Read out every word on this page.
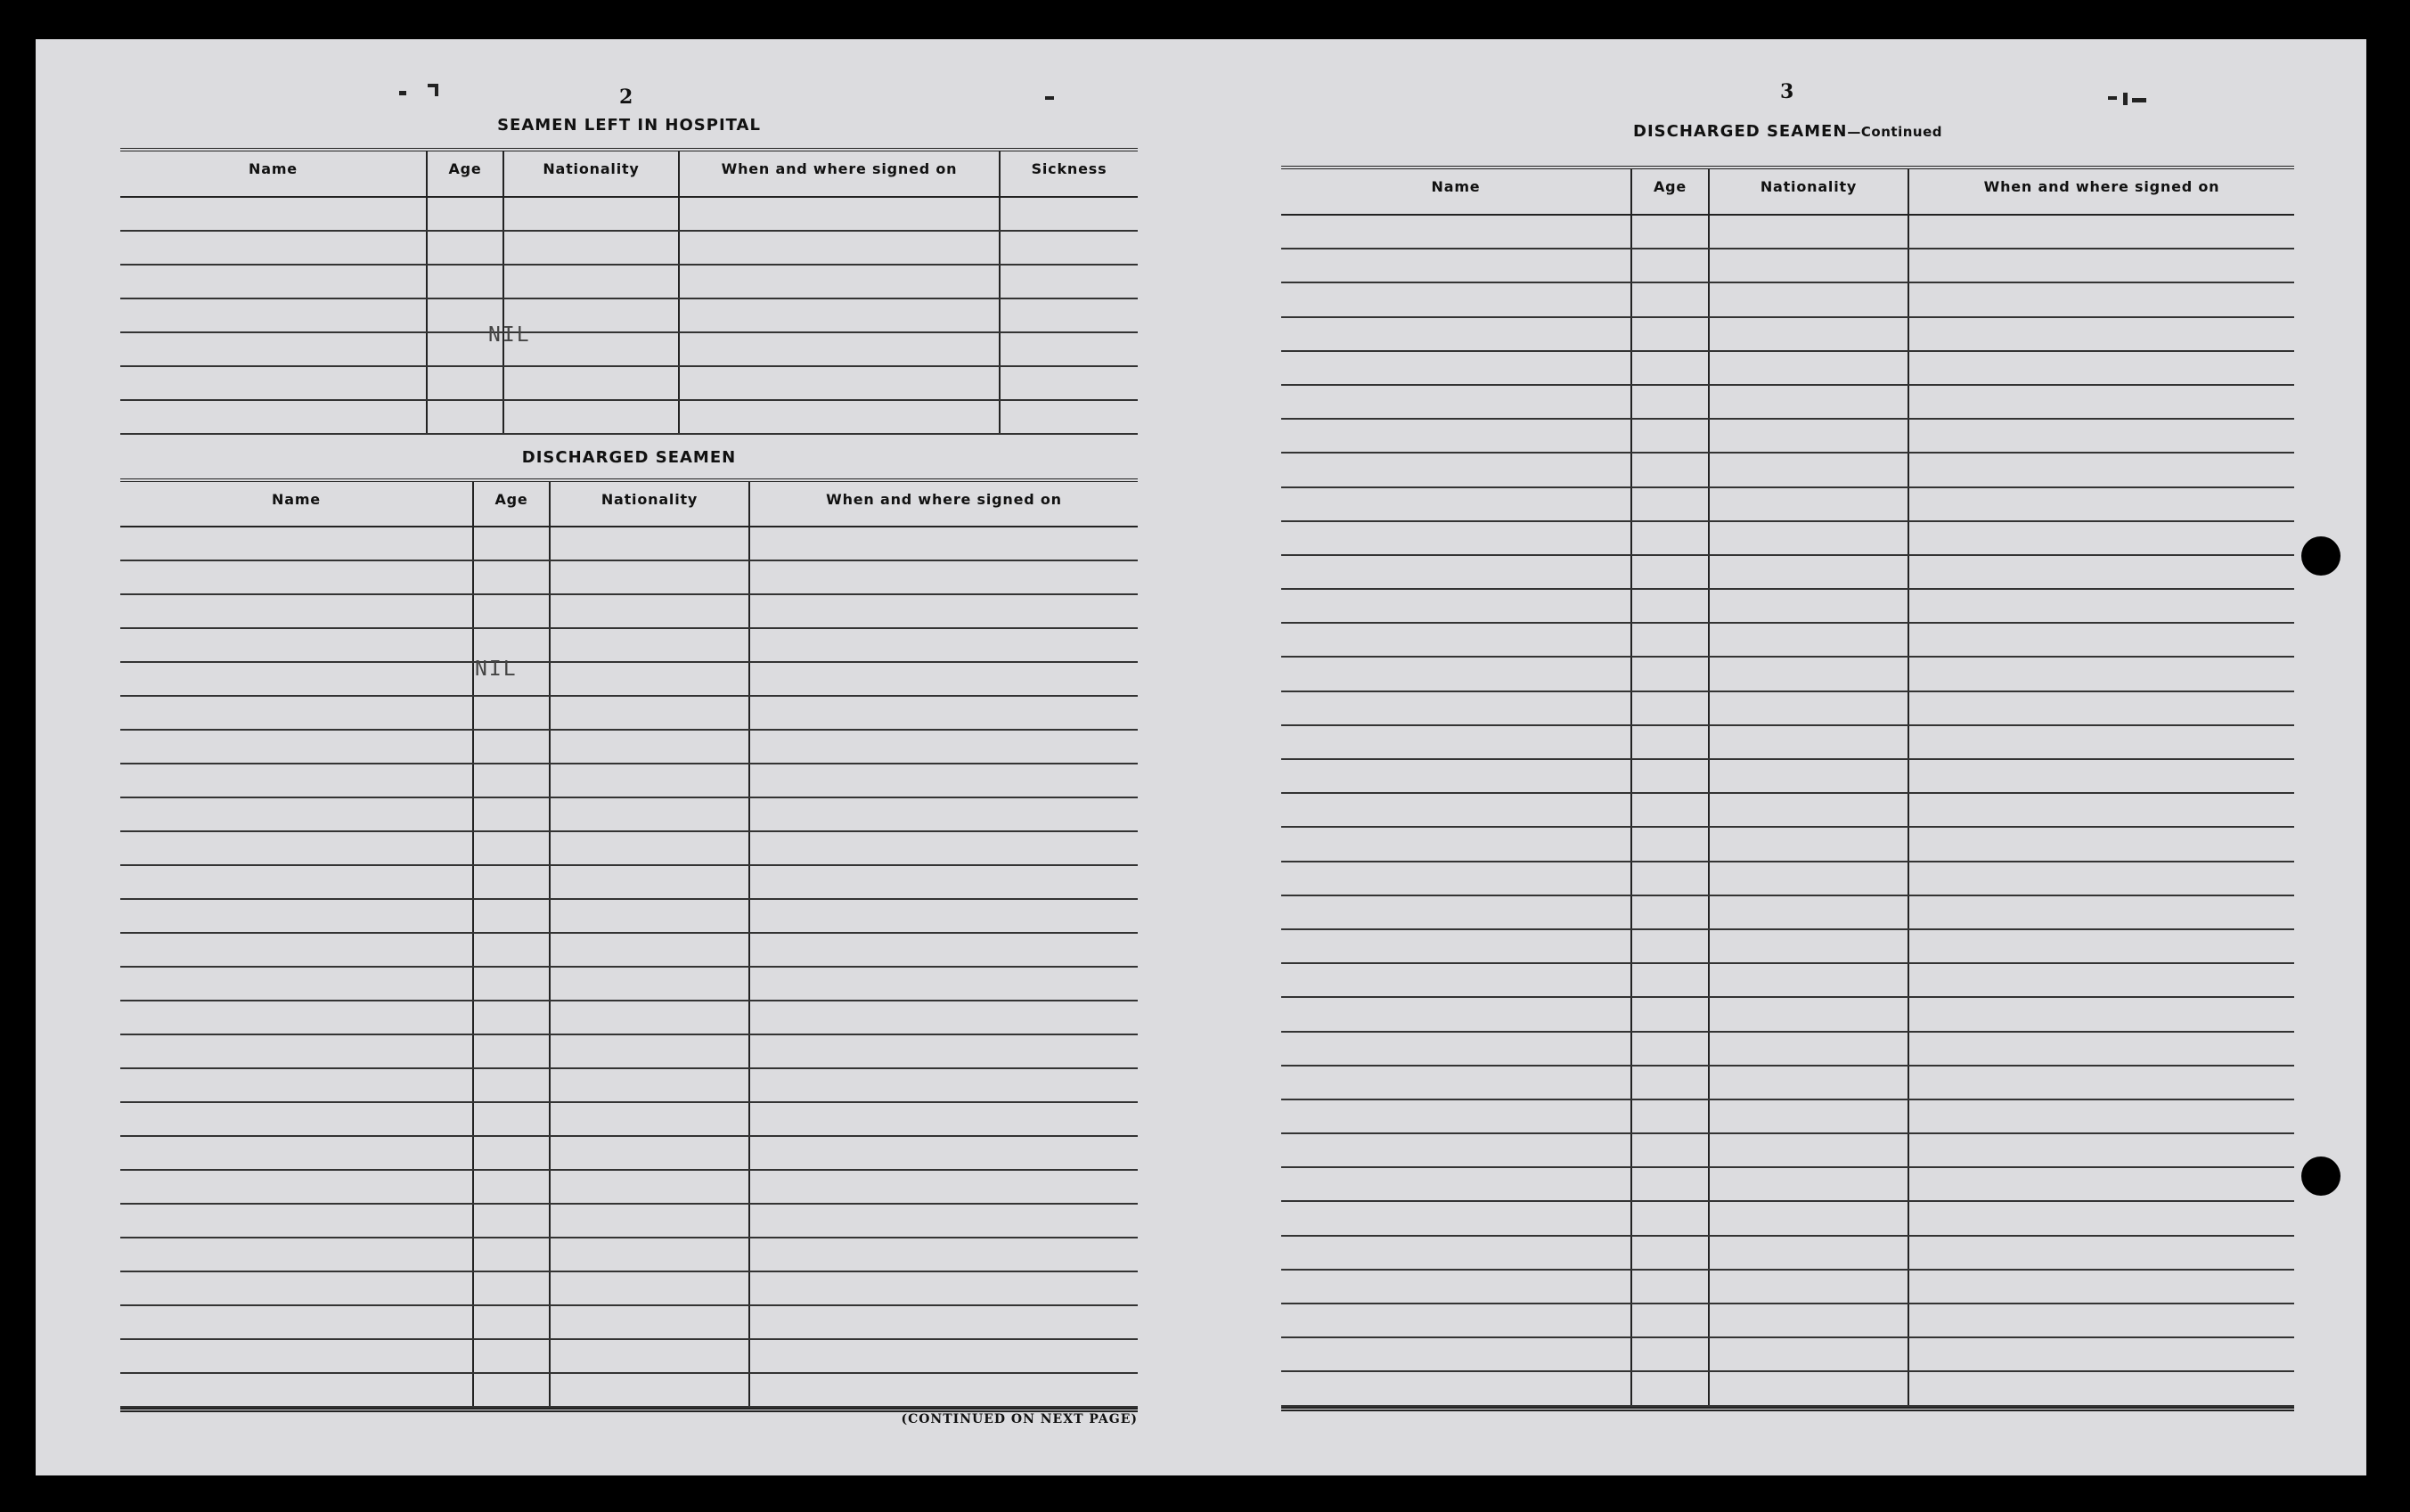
2
SEAMEN LEFT IN HOSPITAL
Name	Age	Nationality	When and where signed on	Sickness
NIL
DISCHARGED SEAMEN
Name	Age	Nationality	When and where signed on
NIL
(CONTINUED ON NEXT PAGE)
3
DISCHARGED SEAMEN—Continued
Name	Age	Nationality	When and where signed on
